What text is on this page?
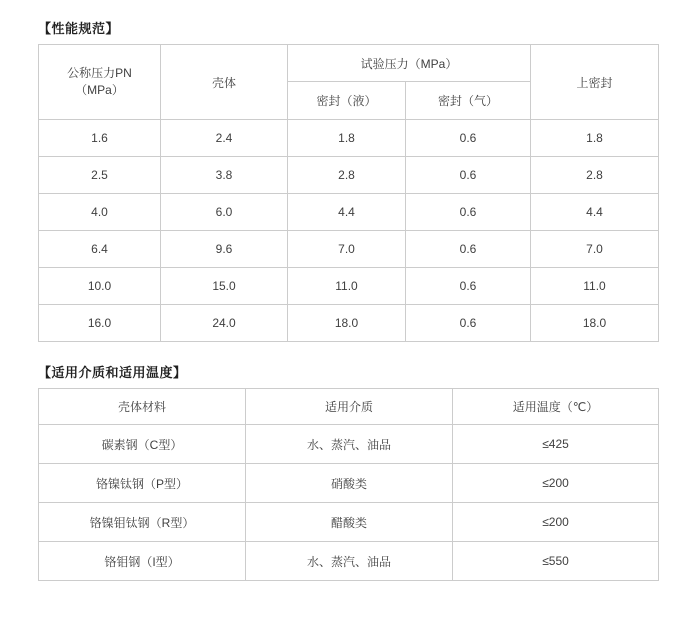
【性能规范】
公称压力PN
（MPa）	壳体	试验压力（MPa）		上密封
		密封（液）	密封（气）	
1.6	2.4	1.8	0.6	1.8
2.5	3.8	2.8	0.6	2.8
4.0	6.0	4.4	0.6	4.4
6.4	9.6	7.0	0.6	7.0
10.0	15.0	11.0	0.6	11.0
16.0	24.0	18.0	0.6	18.0
【适用介质和适用温度】
壳体材料	适用介质	适用温度（℃）
碳素钢（C型）	水、蒸汽、油品	≤425
铬镍钛钢（P型）	硝酸类	≤200
铬镍钼钛钢（R型）	醋酸类	≤200
铬钼钢（I型）	水、蒸汽、油品	≤550
